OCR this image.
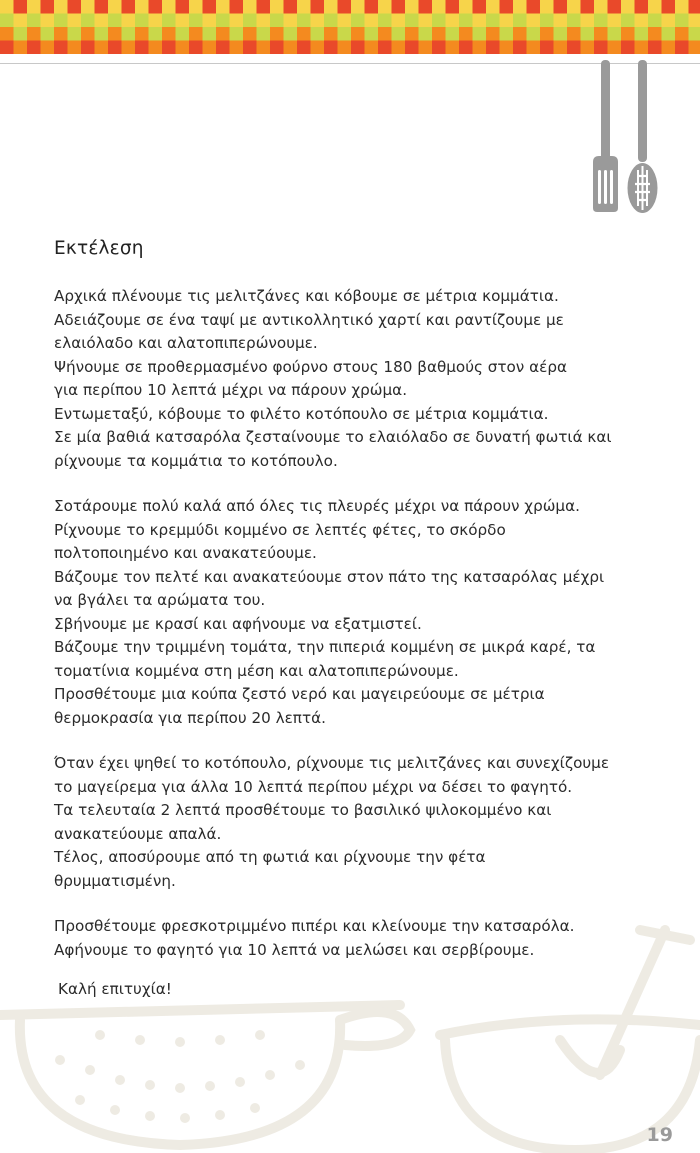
Εκτέλεση
Αρχικά πλένουμε τις μελιτζάνες και κόβουμε σε μέτρια κομμάτια.
Αδειάζουμε σε ένα ταψί με αντικολλητικό χαρτί και ραντίζουμε με
ελαιόλαδο και αλατοπιπερώνουμε.
Ψήνουμε σε προθερμασμένο φούρνο στους 180 βαθμούς στον αέρα
για περίπου 10 λεπτά μέχρι να πάρουν χρώμα.
Εντωμεταξύ, κόβουμε το φιλέτο κοτόπουλο σε μέτρια κομμάτια.
Σε μία βαθιά κατσαρόλα ζεσταίνουμε το ελαιόλαδο σε δυνατή φωτιά και
ρίχνουμε τα κομμάτια το κοτόπουλο.
Σοτάρουμε πολύ καλά από όλες τις πλευρές μέχρι να πάρουν χρώμα.
Ρίχνουμε το κρεμμύδι κομμένο σε λεπτές φέτες, το σκόρδο
πολτοποιημένο και ανακατεύουμε.
Βάζουμε τον πελτέ και ανακατεύουμε στον πάτο της κατσαρόλας μέχρι
να βγάλει τα αρώματα του.
Σβήνουμε με κρασί και αφήνουμε να εξατμιστεί.
Βάζουμε την τριμμένη τομάτα, την πιπεριά κομμένη σε μικρά καρέ, τα
τοματίνια κομμένα στη μέση και αλατοπιπερώνουμε.
Προσθέτουμε μια κούπα ζεστό νερό και μαγειρεύουμε σε μέτρια
θερμοκρασία για περίπου 20 λεπτά.
Όταν έχει ψηθεί το κοτόπουλο, ρίχνουμε τις μελιτζάνες και συνεχίζουμε
το μαγείρεμα για άλλα 10 λεπτά περίπου μέχρι να δέσει το φαγητό.
Τα τελευταία 2 λεπτά προσθέτουμε το βασιλικό ψιλοκομμένο και
ανακατεύουμε απαλά.
Τέλος, αποσύρουμε από τη φωτιά και ρίχνουμε την φέτα
θρυμματισμένη.
Προσθέτουμε φρεσκοτριμμένο πιπέρι και κλείνουμε την κατσαρόλα.
Αφήνουμε το φαγητό για 10 λεπτά να μελώσει και σερβίρουμε.
Καλή επιτυχία!
19
